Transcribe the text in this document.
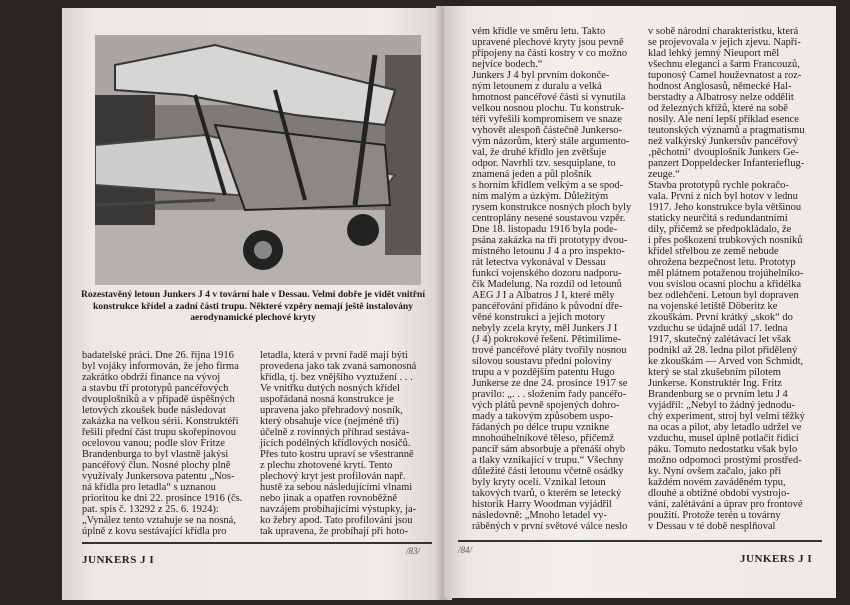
Rozestavěný letoun Junkers J 4 v tovární hale v Dessau. Velmi dobře je vidět vnitřní
konstrukce křídel a zadní části trupu. Některé vzpěry nemají ještě instalovány
aerodynamické plechové kryty
badatelské práci. Dne 26. října 1916
byl vojáky informován, že jeho firma
zakrátko obdrží finance na vývoj
a stavbu tří prototypů pancéřových
dvouplošníků a v případě úspěšných
letových zkoušek bude následovat
zakázka na velkou sérii. Konstruktéři
řešili přední část trupu skořepinovou
ocelovou vanou; podle slov Fritze
Brandenburga to byl vlastně jakýsi
pancéřový člun. Nosné plochy plně
využívaly Junkersova patentu „Nos-
ná křídla pro letadla“ s uznanou
prioritou ke dni 22. prosince 1916 (čs.
pat. spis č. 13292 z 25. 6. 1924):
„Vynález tento vztahuje se na nosná,
úplně z kovu sestávající křídla pro
letadla, která v první řadě mají býti
provedena jako tak zvaná samonosná
křídla, tj. bez vnějšího vyztužení . . .
Ve vnitřku dutých nosných křídel
uspořádaná nosná konstrukce je
upravena jako přehradový nosník,
který obsahuje více (nejméně tři)
účelně z rovinných příhrad sestáva-
jících podélných křídlových nosičů.
Přes tuto kostru upraví se všestranně
z plechu zhotovené krytí. Tento
plechový kryt jest profilován např.
hustě za sebou následujícími vlnami
nebo jinak a opatřen rovnoběžně
navzájem probíhajícími výstupky, ja-
ko žebry apod. Tato profilování jsou
tak upravena, že probíhají při hoto-
JUNKERS J I
/83/
vém křídle ve směru letu. Takto
upravené plechové kryty jsou pevně
připojeny na části kostry v co možno
nejvíce bodech.“
Junkers J 4 byl prvním dokonče-
ným letounem z duralu a velká
hmotnost pancéřové části si vynutila
velkou nosnou plochu. Tu konstruk-
téři vyřešili kompromisem ve snaze
vyhovět alespoň částečně Junkerso-
vým názorům, který stále argumento-
val, že druhé křídlo jen zvětšuje
odpor. Navrhli tzv. sesquiplane, to
znamená jeden a půl plošník
s horním křídlem velkým a se spod-
ním malým a úzkým. Důležitým
rysem konstrukce nosných ploch byly
centroplány nesené soustavou vzpěr.
Dne 18. listopadu 1916 byla pode-
psána zakázka na tři prototypy dvou-
místného letounu J 4 a pro inspekto-
rát letectva vykonával v Dessau
funkci vojenského dozoru nadporu-
čík Madelung. Na rozdíl od letounů
AEG J I a Albatros J I, které měly
pancéřování přidáno k původní dře-
věné konstrukci a jejich motory
nebyly zcela kryty, měl Junkers J I
(J 4) pokrokové řešení. Pětimilime-
trové pancéřové pláty tvořily nosnou
silovou soustavu přední poloviny
trupu a v pozdějším patentu Hugo
Junkerse ze dne 24. prosince 1917 se
pravilo: „. . . složením řady pancéřo-
vých plátů pevně spojených dohro-
mady a takovým způsobem uspo-
řádaných po délce trupu vznikne
mnohoúhelníkové těleso, přičemž
pancíř sám absorbuje a přenáší ohyb
a tlaky vznikající v trupu.“ Všechny
důležité části letounu včetně osádky
byly kryty ocelí. Vznikal letoun
takových tvarů, o kterém se letecký
historik Harry Woodman vyjádřil
následovně: „Mnoho letadel vy-
ráběných v první světové válce neslo
v sobě národní charakteristku, která
se projevovala v jejich zjevu. Napří-
klad lehký jemný Nieuport měl
všechnu eleganci a šarm Francouzů,
tuponosý Camel houževnatost a roz-
hodnost Anglosasů, německé Hal-
berstadty a Albatrosy nelze oddělit
od železných křížů, které na sobě
nosily. Ale není lepší příklad esence
teutonských významů a pragmatismu
než valkýrský Junkersův pancéřový
‚pěchotní‘ dvouplošník Junkers Ge-
panzert Doppeldecker Infanterieflug-
zeuge.“
Stavba prototypů rychle pokračo-
vala. První z nich byl hotov v lednu
1917. Jeho konstrukce byla většinou
staticky neurčitá s redundantními
díly, přičemž se předpokládalo, že
i přes poškození trubkových nosníků
křídel střelbou ze země nebude
ohrožena bezpečnost letu. Prototyp
měl plátnem potaženou trojúhelníko-
vou svislou ocasní plochu a křidélka
bez odlehčení. Letoun byl dopraven
na vojenské letiště Döberitz ke
zkouškám. První krátký „skok“ do
vzduchu se údajně udál 17. ledna
1917, skutečný zalétávací let však
podnikl až 28. ledna pilot přidělený
ke zkouškám — Arved von Schmidt,
který se stal zkušebním pilotem
Junkerse. Konstruktér Ing. Fritz
Brandenburg se o prvním letu J 4
vyjádřil: „Nebyl to žádný jednodu-
chý experiment, stroj byl velmi těžký
na ocas a pilot, aby letadlo udržel ve
vzduchu, musel úplně potlačit řídicí
páku. Tomuto nedostatku však bylo
možno odpomoci prostými prostřed-
ky. Nyní ovšem začalo, jako při
každém novém zaváděném typu,
dlouhé a obtížné období vystrojo-
vání, zalétávání a úprav pro frontové
použití. Protože terén u továrny
v Dessau v té době nesplňoval
/84/
JUNKERS J I
